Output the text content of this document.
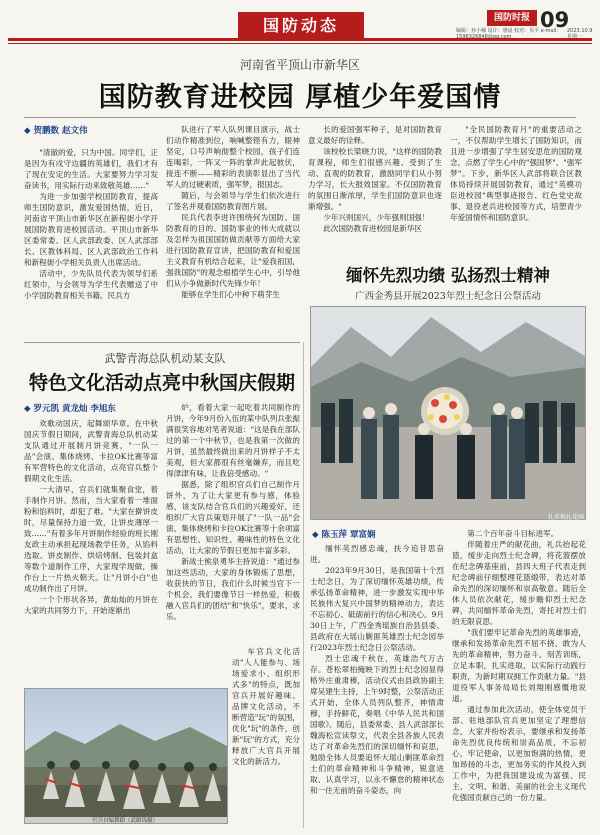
国防动态	国防时报 09
编辑：孙小楠 设计：惠晨 校对：贝平 e-mail：1596326848@qq.com
2023.10.9 星期一
河南省平顶山市新华区
国防教育进校园 厚植少年爱国情
◆ 贺鹏数 赵文伟

"清澈的爱，只为中国。同学们，正是因为有戍守边疆的英雄们，我们才有了现在安定的生活。大家要努力学习发奋读书，用实际行动来致敬英雄……"

为进一步加强学校国防教育，提高师生国防意识，激发爱国热情，近日，河南省平顶山市新华区在新程街小学开展国防教育进校园活动。平顶山市新华区委常委、区人武部政委、区人武部部长、区教体科局、区人武部政治工作科和新程街小学相关负责人出席活动。

活动中，少先队员代表为领导们系红领巾，与会领导为学生代表赠送了中小学国防教育相关书籍。民兵方

队进行了军人队列课目演示，战士们动作精准到位，响喊整铿有力，眼神坚定，口号声响彻整个校园，孩子们连连喝彩，一阵又一阵的掌声此起彼伏，接连不断——精彩的表演彰显出了当代军人的过硬素质，强军梦，报国志。

随后，与会领导与学生们依次进行了签名并观看国防教育图片展。

民兵代表李进许围绕何为国防、国防教育的目的、国防事业的伟大成就以及怎样为祖国国防做贡献等方面给大家进行国防教育宣讲，把国防教育和爱国主义教育有机结合起来，让"爱我祖国，强我国防"的观念根植学生心中，引导他们从小争做新时代先锋少年！

能够在学生们心中种下萌芽生

长的爱国强军种子，是对国防教育意义最好的诠释。

该校校长梁晓力说，"这样的国防教育课程，师生们很感兴趣、受到了生动、直观的防教育，激励同学们从小努力学习，长大报效国家。不仅国防教育的氛围日渐浓厚，学生们国防意识也逐渐增强。"

少年兴则国兴，少年强则国强！

此次国防教育进校园是新华区

"全民国防教育月"的重要活动之一，不仅帮助学生增长了国防知识，而且进一步增强了学生居安思危的国防观念，点燃了学生心中的"强国梦"、"强军梦"。下步，新华区人武部将联合区教体局持续开展国防教育，通过"英模功臣进校园"典型事迹报告、红色党史故事、退役老兵进校园等方式，培塑青少年爱国情怀和国防意识。

武警青海总队机动某支队
特色文化活动点亮中秋国庆假期
◆ 罗元凯 黄龙灿 李旭东

欢歌动国庆，起舞颂华章。在中秋国庆节假日期间，武警青海总队机动某支队通过开展制月饼竞赛，"一队一品"会演、集体烧烤、卡拉OK比赛等富有军营特色的文化活动，点亮官兵整个假期文化生活。

一大清早，官兵们就集聚食堂，着手制作月饼。然而，当大家看着一堆面粉和馅料时，却犯了难。"大家在擀饼皮时，尽量保持力道一致，让饼皮薄厚一致……"有着多年月饼制作经验的班长刚友政主动承担起现场教学任务，从馅料选取、饼皮制作、烘焙烤制、包装封盒等数个道制作工序，大家现学现做，操作台上一片热火朝天。让"月饼小白"也成功制作出了月饼。

一个个形状各异，黄灿灿的月饼在大家的共同努力下，开始逐渐出

炉，看着大家一起吃着共同制作的月饼，今年9月份入伍的某中队列兵张振满很笑容地对笔者说道："这是我在部队过的第一个中秋节，也是我第一次做的月饼，虽然最终做出来的月饼样子不太美观，但大家都很有丝毫嫌弃，而且吃得津津有味，让我倍受感动。"

据悉，除了组织官兵们自己制作月饼外，为了让大家更有参与感，体验感，该支队结合官兵们的兴趣爱好，还组织广大官兵策划开展了"一队一品"会演、集体烧烤和卡拉OK比赛等十余项富有思想性、知识性、趣味性的特色文化活动，让大家的节假日更加丰富多彩。

新战士熊泉勇华主持说道："通过参加这些活动，大家的身体锻炼了思想，收获快的节日，我们什么时候当官下一个机会，我们要像节日一样热爱，积极融入官兵们的团结"和"快乐"，要求，求乐。

车官兵文化活动"人人能参与、场场爱求小、组织形式多"的特点，既加官兵开展好趣味、品牌文化活动，不断营造"玩"的氛围，优化"玩"的条件，创新"玩"的方式，充分释放广大官兵开展文化的新活力。

官兵自编舞蹈（武路锦摄）
缅怀先烈功绩 弘扬烈士精神
广西金秀县开展2023年烈士纪念日公祭活动
扎来根扎花圈
◆ 陈玉萍 覃富娴

缅怀英烈感忠魂，扶今追昔思奋进。

2023年9月30日，是我国第十个烈士纪念日，为了深切缅怀英雄功绩，传承弘扬革命精神，进一步激发实现中华民族伟大复兴中国梦的精神动力，表达不忘初心、砥砺前行的信心和决心。9月30日上午，广西金秀瑶族自治县县委、县政府在大瑶山剿匪英雄烈士纪念园举行2023年烈士纪念日公祭活动。

烈士忠魂千秋在，英雄浩气万古存。苍松翠柏掩映下的烈士纪念园显得格外庄重肃穆，活动仪式由县政协副主席吴建生主持，上午9时整，公祭活动正式开始，全体人员列队整齐，神情肃穆，手持鲜花，奏唱《中华人民共和国国歌》。随后，县委常委、县人武部部长魏海松宣读祭文，代表全县各族人民表达了对革命先烈们的深切缅怀和哀思，勉励全体人员要追怀大瑶山剿匪革命烈士们的革命精神和斗争精神，锐意进取、认真学习，以永不懈怠的精神状态和一往无前的奋斗姿态，向

第二个百年奋斗目标进军。

伴随着庄严的献花曲，礼兵抬起花篮，缓步走向烈士纪念碑，将花篮摆放在纪念碑基座前，县四大班子代表走到纪念碑前仔细整理花篮缎带，表达对革命先烈的深切缅怀和崇高敬意。随后全体人员依次献花，缓步瞻仰烈士纪念碑，共同缅怀革命先烈，寄托对烈士们的无限哀思。

"我们要牢记革命先烈的英雄事迹，继承和发扬革命先烈不屈不挠、敢为人先的革命精神，努力奋斗，刻苦训练，立足本职，扎实进取，以实际行动践行职责，为新时期双拥工作贡献力量。"县退役军人事务局局长刘翔刚感慨地说道。

通过参加此次活动，使全体党员干部、驻地部队官兵更加坚定了理想信念，大家并纷纷表示，要继承和发扬革命先烈优良传统和崇高品质，不忘初心，牢记使命，以更加饱满的热情，更加昂扬的斗志，更加务实的作风投入到工作中，为把我国建设成为富强、民主、文明、和谐、美丽的社会主义现代化强国贡献自己的一份力量。
